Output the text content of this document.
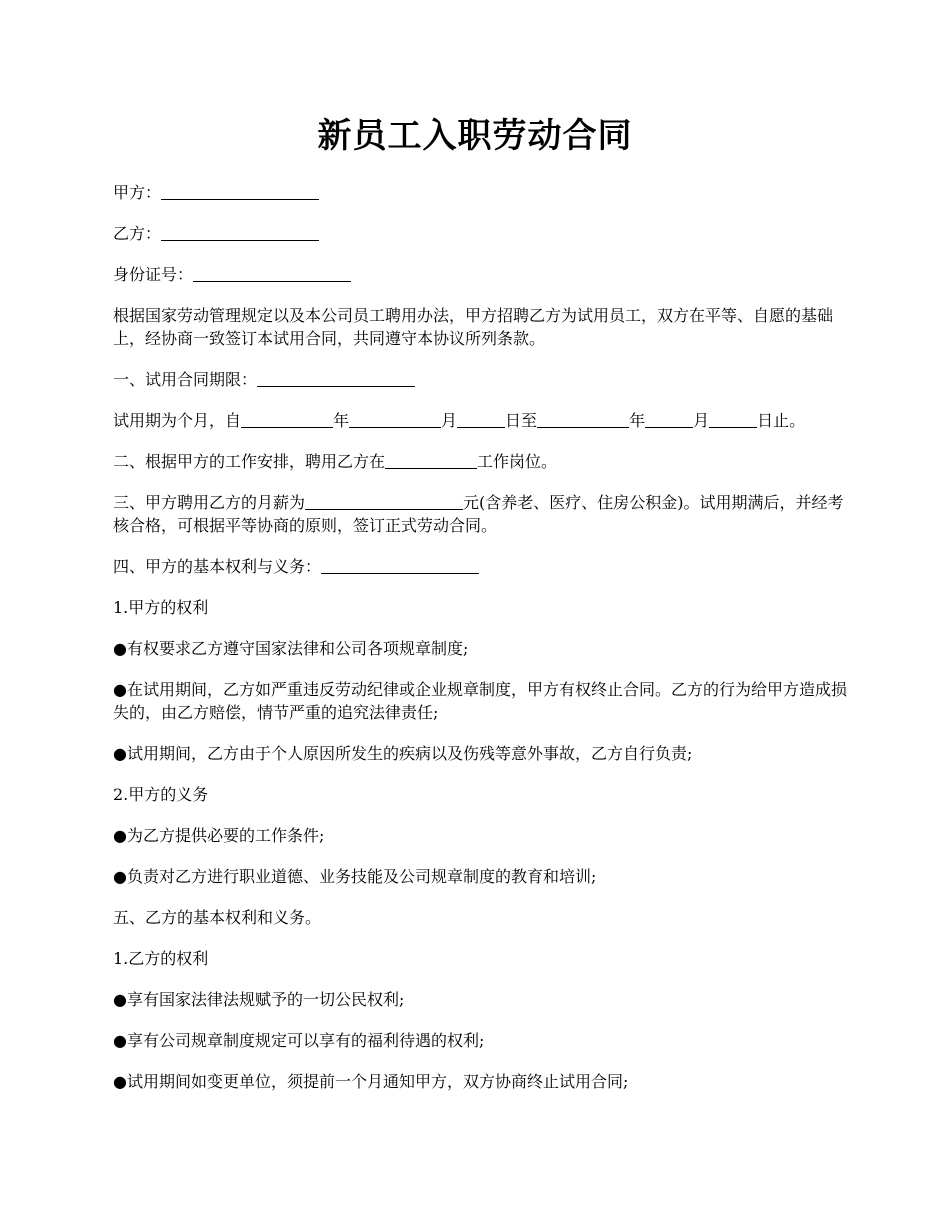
新员工入职劳动合同

甲方：

乙方：

身份证号：

根据国家劳动管理规定以及本公司员工聘用办法，甲方招聘乙方为试用员工，双方在平等、自愿的基础上，经协商一致签订本试用合同，共同遵守本协议所列条款。

一、试用合同期限：

试用期为个月，自	年	月	日至	年	月	日止。

二、根据甲方的工作安排，聘用乙方在	工作岗位。

三、甲方聘用乙方的月薪为	元(含养老、医疗、住房公积金)。试用期满后，并经考核合格，可根据平等协商的原则，签订正式劳动合同。

四、甲方的基本权利与义务：

1.甲方的权利

●有权要求乙方遵守国家法律和公司各项规章制度;

●在试用期间，乙方如严重违反劳动纪律或企业规章制度，甲方有权终止合同。乙方的行为给甲方造成损失的，由乙方赔偿，情节严重的追究法律责任;

●试用期间，乙方由于个人原因所发生的疾病以及伤残等意外事故，乙方自行负责;

2.甲方的义务

●为乙方提供必要的工作条件;

●负责对乙方进行职业道德、业务技能及公司规章制度的教育和培训;

五、乙方的基本权利和义务。

1.乙方的权利

●享有国家法律法规赋予的一切公民权利;

●享有公司规章制度规定可以享有的福利待遇的权利;

●试用期间如变更单位，须提前一个月通知甲方，双方协商终止试用合同;
